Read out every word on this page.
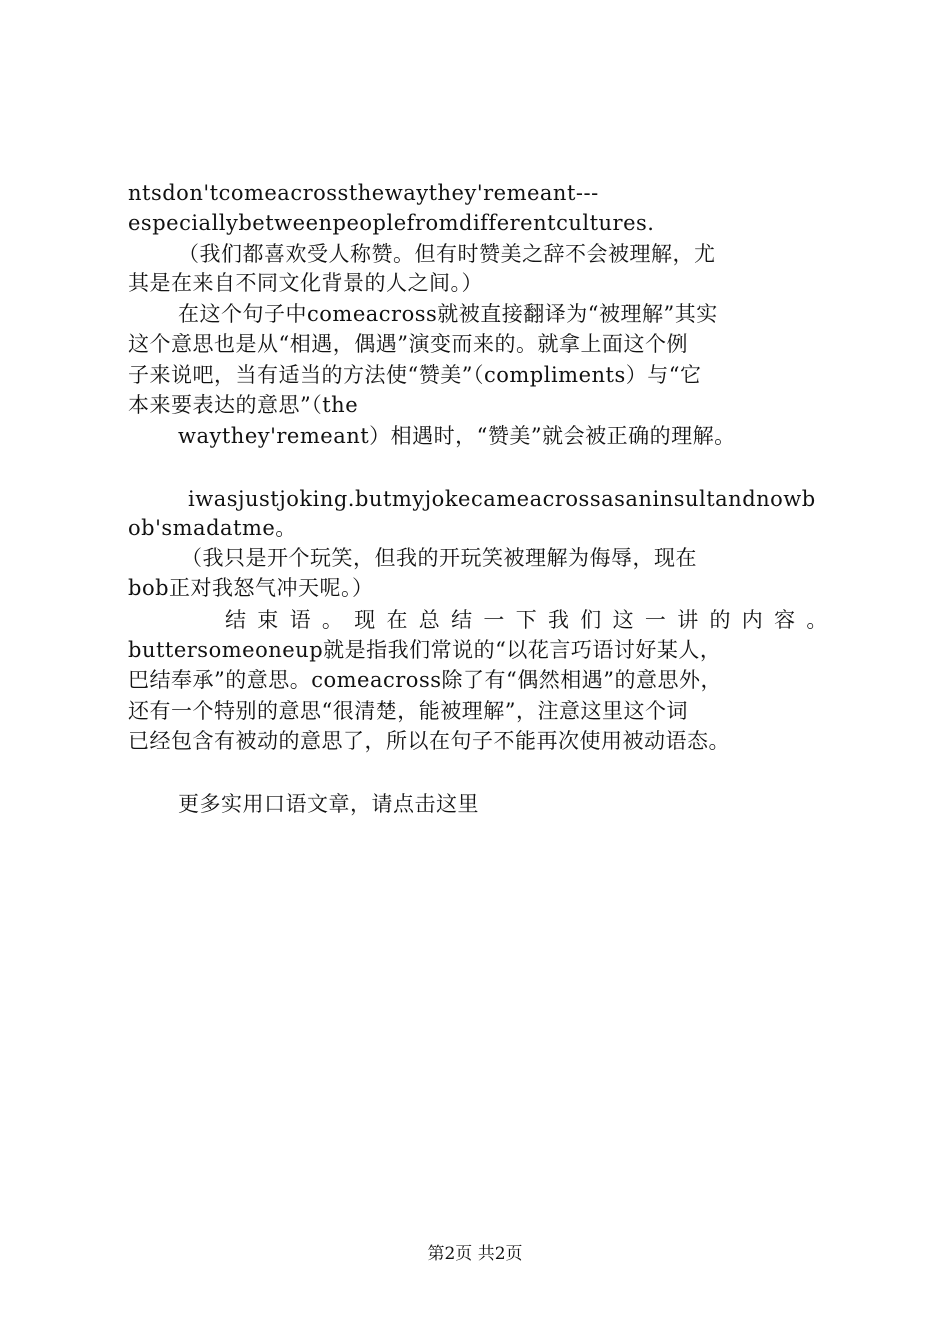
ntsdon'tcomeacrossthewaythey'remeant---
especiallybetweenpeoplefromdifferentcultures.
（我们都喜欢受人称赞。但有时赞美之辞不会被理解，尤
其是在来自不同文化背景的人之间。）
在这个句子中comeacross就被直接翻译为“被理解”其实
这个意思也是从“相遇，偶遇”演变而来的。就拿上面这个例
子来说吧，当有适当的方法使“赞美”（compliments）与“它
本来要表达的意思”（the
waythey'remeant）相遇时，“赞美”就会被正确的理解。
iwasjustjoking.butmyjokecameacrossasaninsultandnowb
ob'smadatme。
（我只是开个玩笑，但我的开玩笑被理解为侮辱，现在
bob正对我怒气冲天呢。）
结束语。现在总结一下我们这一讲的内容。
buttersomeoneup就是指我们常说的“以花言巧语讨好某人，
巴结奉承”的意思。comeacross除了有“偶然相遇”的意思外，
还有一个特别的意思“很清楚，能被理解”，注意这里这个词
已经包含有被动的意思了，所以在句子不能再次使用被动语态。
更多实用口语文章，请点击这里
第2页 共2页
